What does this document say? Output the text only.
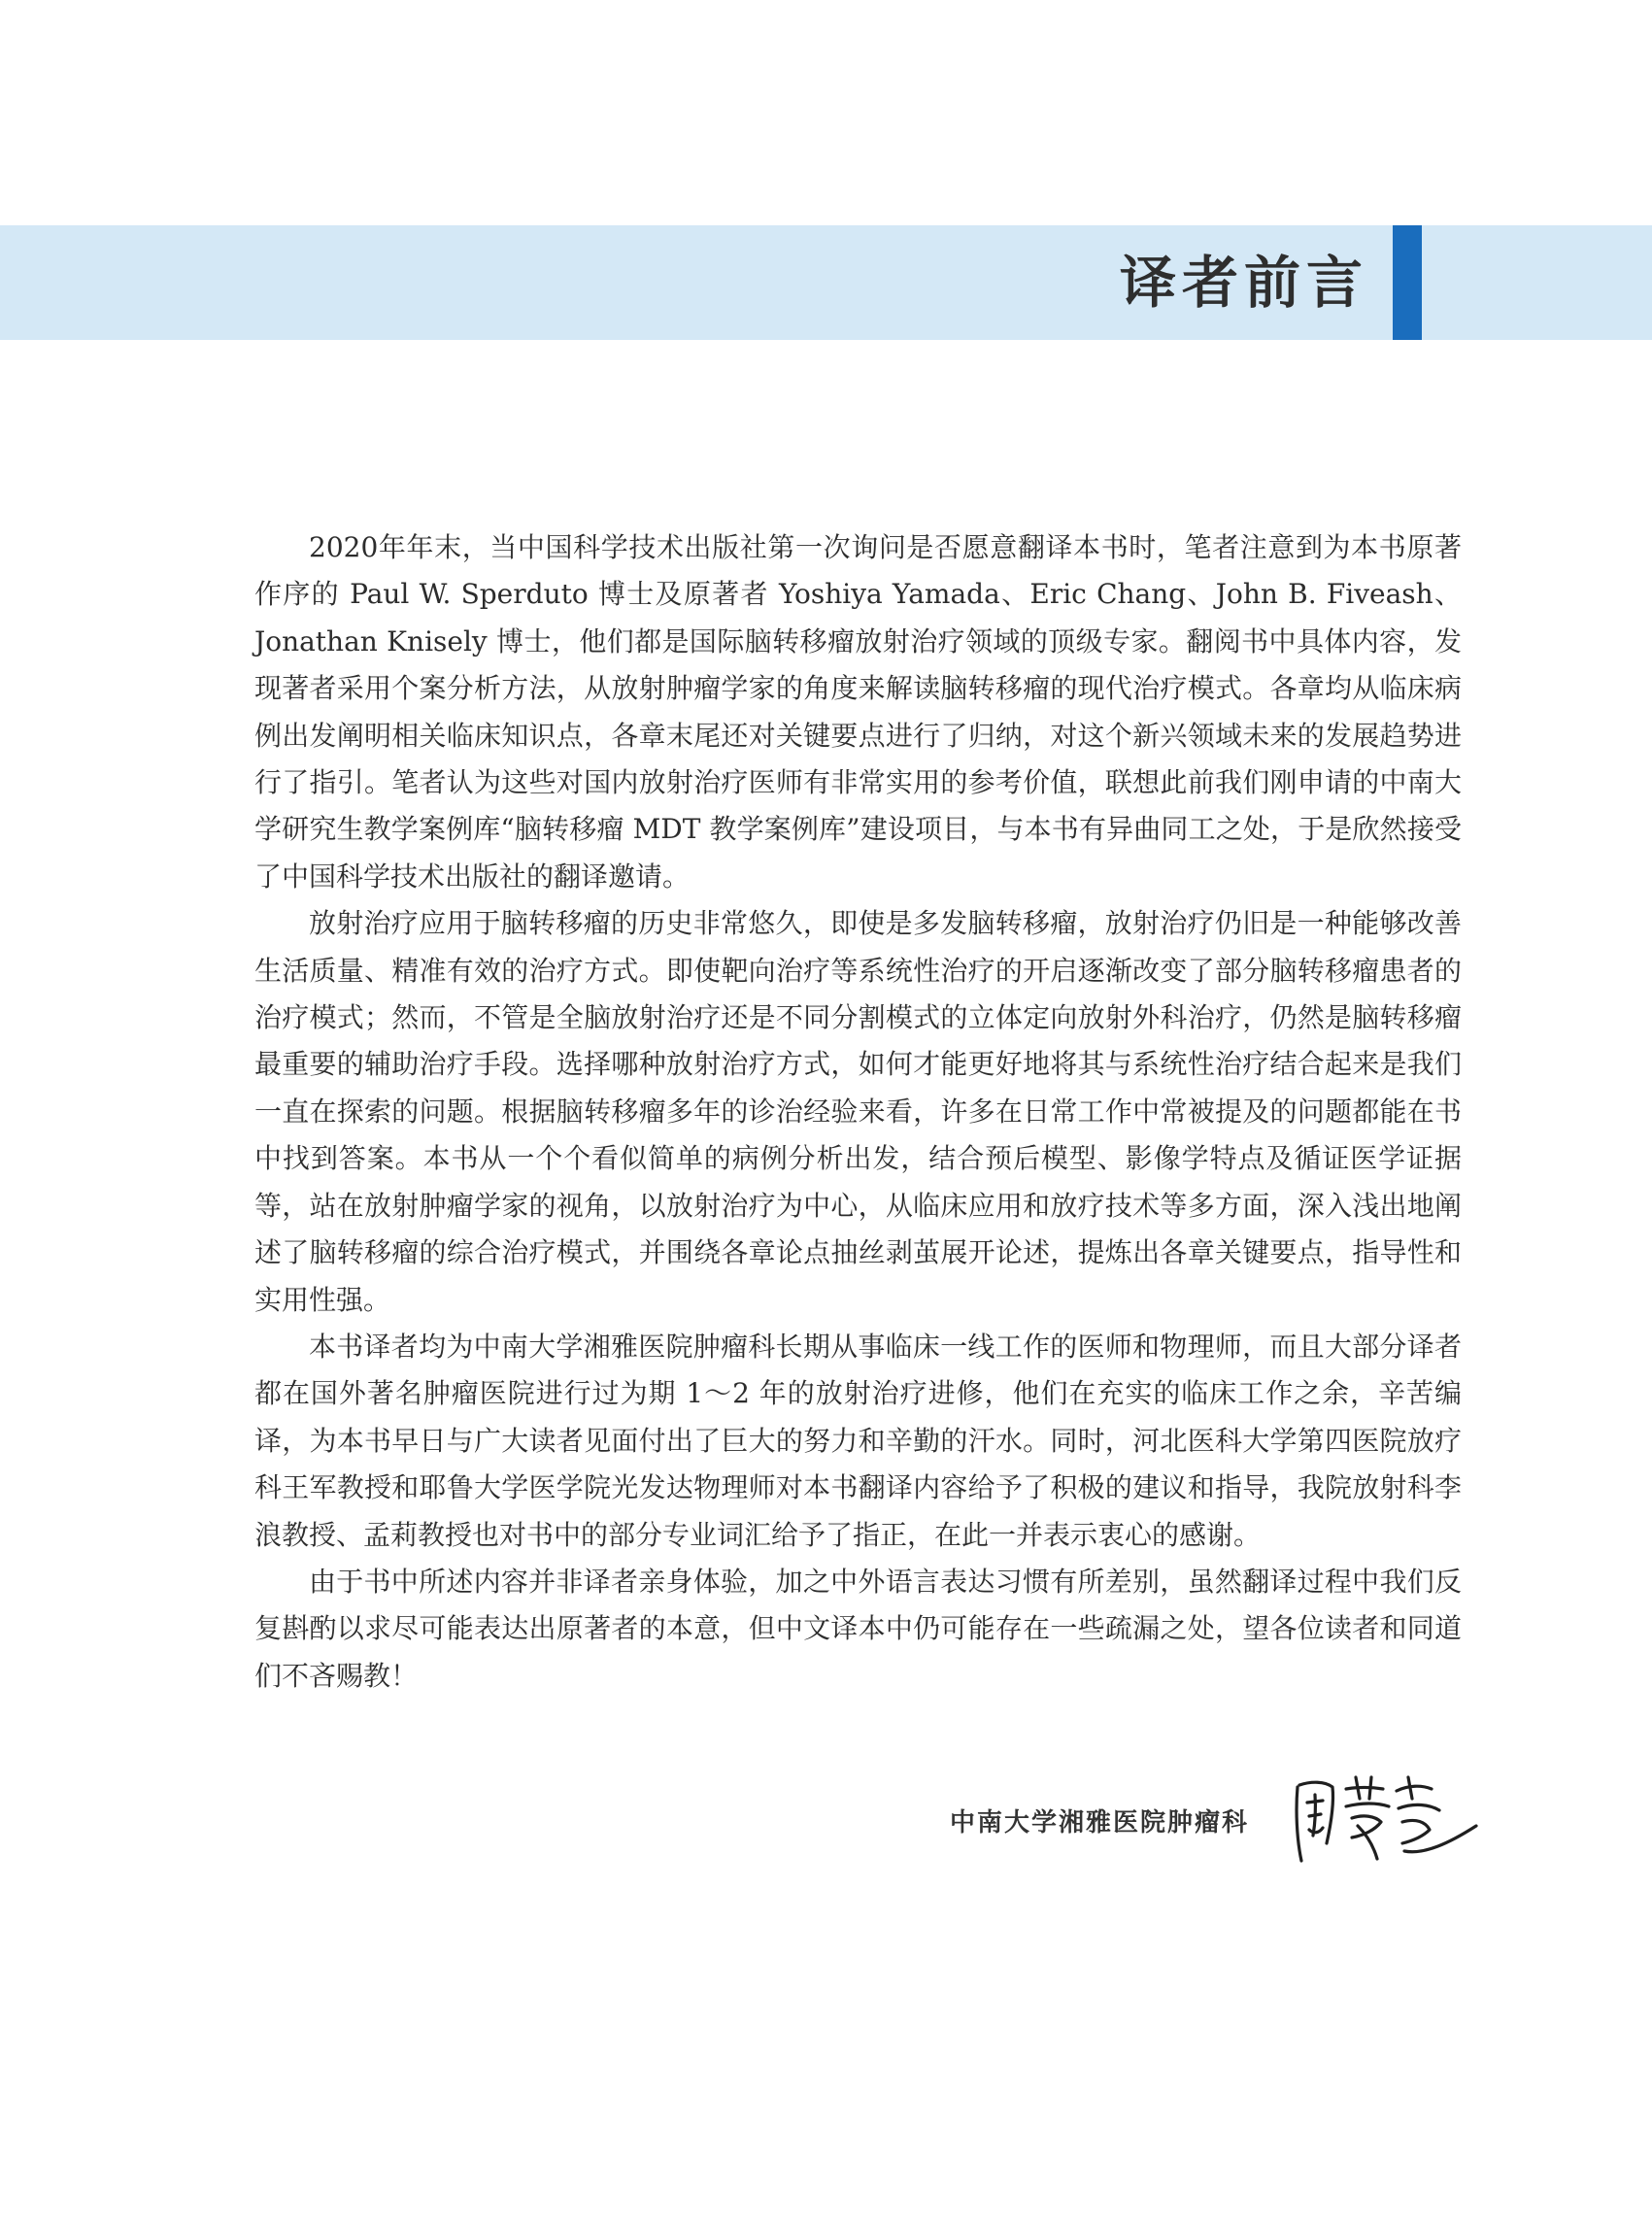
译者前言

2020年年末，当中国科学技术出版社第一次询问是否愿意翻译本书时，笔者注意到为本书原著作序的 Paul W. Sperduto 博士及原著者 Yoshiya Yamada、Eric Chang、John B. Fiveash、Jonathan Knisely 博士，他们都是国际脑转移瘤放射治疗领域的顶级专家。翻阅书中具体内容，发现著者采用个案分析方法，从放射肿瘤学家的角度来解读脑转移瘤的现代治疗模式。各章均从临床病例出发阐明相关临床知识点，各章末尾还对关键要点进行了归纳，对这个新兴领域未来的发展趋势进行了指引。笔者认为这些对国内放射治疗医师有非常实用的参考价值，联想此前我们刚申请的中南大学研究生教学案例库“脑转移瘤 MDT 教学案例库”建设项目，与本书有异曲同工之处，于是欣然接受了中国科学技术出版社的翻译邀请。

放射治疗应用于脑转移瘤的历史非常悠久，即使是多发脑转移瘤，放射治疗仍旧是一种能够改善生活质量、精准有效的治疗方式。即使靶向治疗等系统性治疗的开启逐渐改变了部分脑转移瘤患者的治疗模式；然而，不管是全脑放射治疗还是不同分割模式的立体定向放射外科治疗，仍然是脑转移瘤最重要的辅助治疗手段。选择哪种放射治疗方式，如何才能更好地将其与系统性治疗结合起来是我们一直在探索的问题。根据脑转移瘤多年的诊治经验来看，许多在日常工作中常被提及的问题都能在书中找到答案。本书从一个个看似简单的病例分析出发，结合预后模型、影像学特点及循证医学证据等，站在放射肿瘤学家的视角，以放射治疗为中心，从临床应用和放疗技术等多方面，深入浅出地阐述了脑转移瘤的综合治疗模式，并围绕各章论点抽丝剥茧展开论述，提炼出各章关键要点，指导性和实用性强。

本书译者均为中南大学湘雅医院肿瘤科长期从事临床一线工作的医师和物理师，而且大部分译者都在国外著名肿瘤医院进行过为期 1～2 年的放射治疗进修，他们在充实的临床工作之余，辛苦编译，为本书早日与广大读者见面付出了巨大的努力和辛勤的汗水。同时，河北医科大学第四医院放疗科王军教授和耶鲁大学医学院光发达物理师对本书翻译内容给予了积极的建议和指导，我院放射科李浪教授、孟莉教授也对书中的部分专业词汇给予了指正，在此一并表示衷心的感谢。

由于书中所述内容并非译者亲身体验，加之中外语言表达习惯有所差别，虽然翻译过程中我们反复斟酌以求尽可能表达出原著者的本意，但中文译本中仍可能存在一些疏漏之处，望各位读者和同道们不吝赐教！

中南大学湘雅医院肿瘤科
